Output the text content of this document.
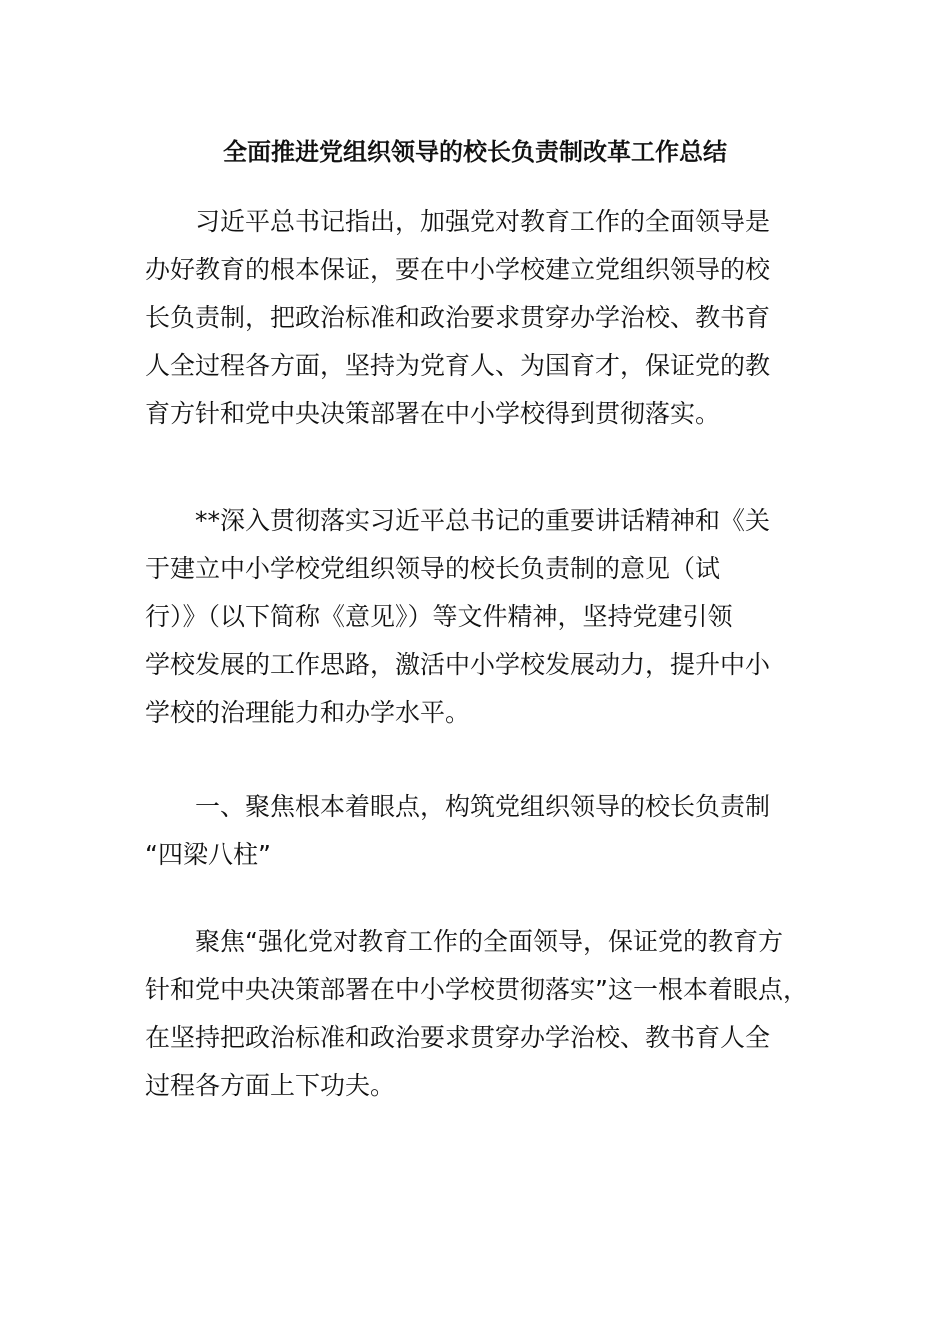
全面推进党组织领导的校长负责制改革工作总结
习近平总书记指出，加强党对教育工作的全面领导是
办好教育的根本保证，要在中小学校建立党组织领导的校
长负责制，把政治标准和政治要求贯穿办学治校、教书育
人全过程各方面，坚持为党育人、为国育才，保证党的教
育方针和党中央决策部署在中小学校得到贯彻落实。
**深入贯彻落实习近平总书记的重要讲话精神和《关
于建立中小学校党组织领导的校长负责制的意见（试
行）》（以下简称《意见》）等文件精神，坚持党建引领
学校发展的工作思路，激活中小学校发展动力，提升中小
学校的治理能力和办学水平。
一、聚焦根本着眼点，构筑党组织领导的校长负责制
“四梁八柱”
聚焦“强化党对教育工作的全面领导，保证党的教育方
针和党中央决策部署在中小学校贯彻落实”这一根本着眼点，
在坚持把政治标准和政治要求贯穿办学治校、教书育人全
过程各方面上下功夫。
